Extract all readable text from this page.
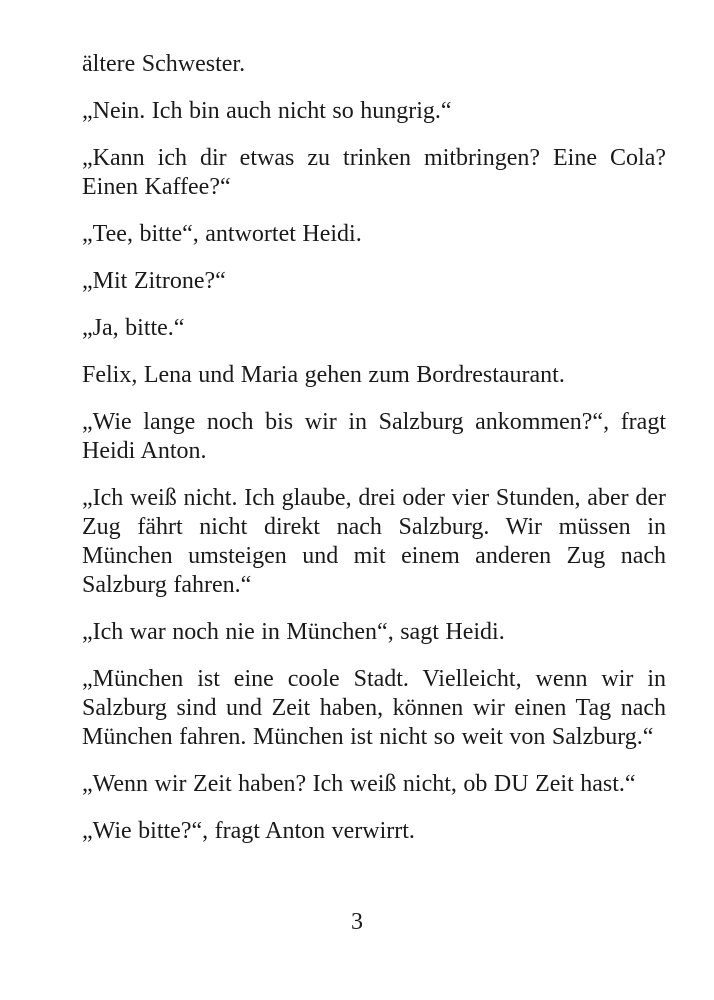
ältere Schwester.

„Nein. Ich bin auch nicht so hungrig.“

„Kann ich dir etwas zu trinken mitbringen? Eine Cola? Einen Kaffee?“

„Tee, bitte“, antwortet Heidi.

„Mit Zitrone?“

„Ja, bitte.“

Felix, Lena und Maria gehen zum Bordrestaurant.

„Wie lange noch bis wir in Salzburg ankommen?“, fragt Heidi Anton.

„Ich weiß nicht. Ich glaube, drei oder vier Stunden, aber der Zug fährt nicht direkt nach Salzburg. Wir müssen in München umsteigen und mit einem anderen Zug nach Salzburg fahren.“

„Ich war noch nie in München“, sagt Heidi.

„München ist eine coole Stadt. Vielleicht, wenn wir in Salzburg sind und Zeit haben, können wir einen Tag nach München fahren. München ist nicht so weit von Salzburg.“

„Wenn wir Zeit haben? Ich weiß nicht, ob DU Zeit hast.“

„Wie bitte?“, fragt Anton verwirrt.

3
